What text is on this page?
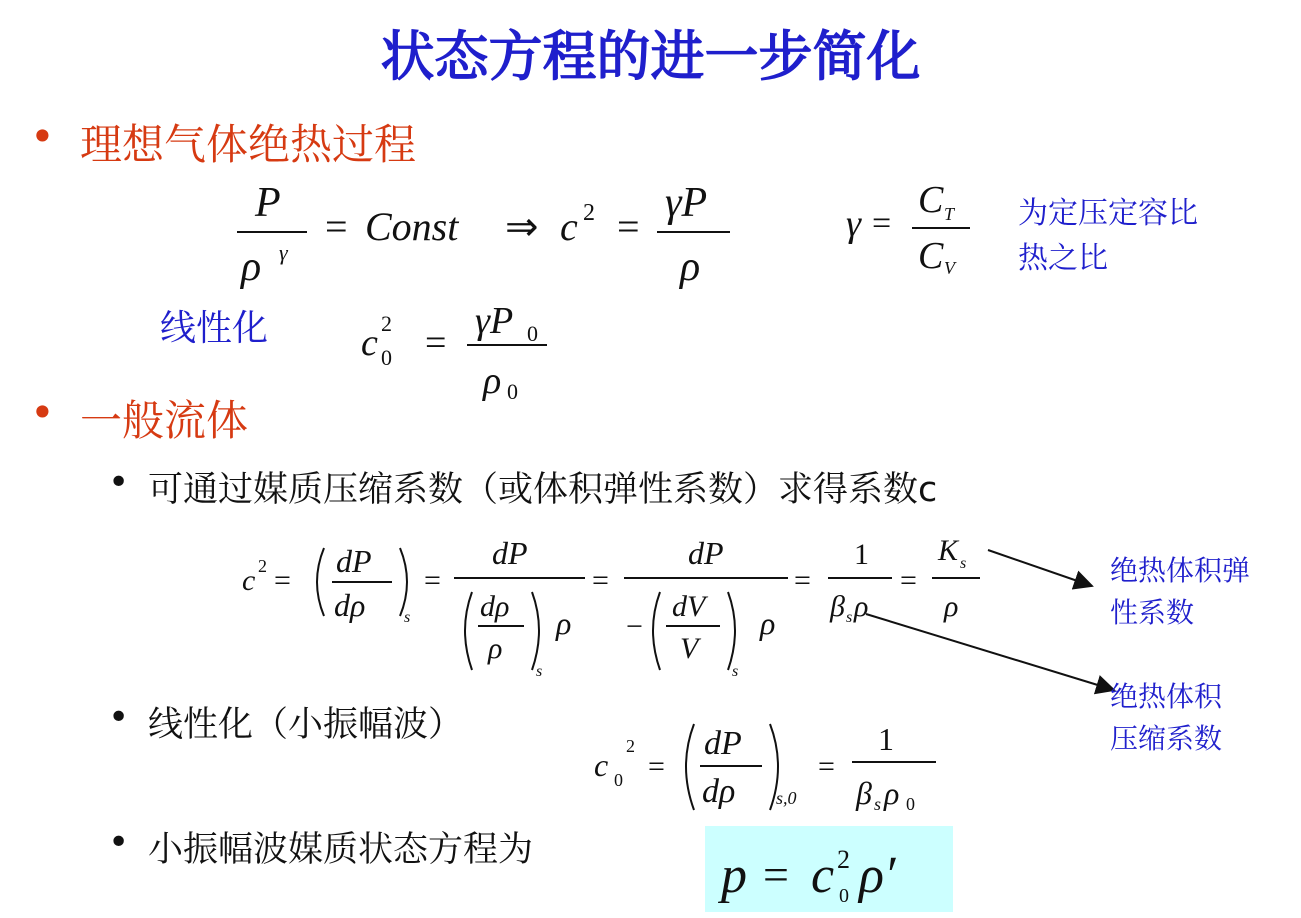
状态方程的进一步简化
• 理想气体绝热过程
P
ρ γ
= Const ⇒ c 2 =
γP
ρ
γ =
C T
C V
为定压定容比
热之比
线性化 c 2
0 =
γP 0
ρ 0
• 一般流体
• 可通过媒质压缩系数（或体积弹性系数）求得系数c
c 2 =
dP
dρ s
=
dP
dρ
ρ
s
ρ
=
dP
−
dV
V
s
ρ
=
1
β s ρ
=
K s
ρ
绝热体积弹
性系数
绝热体积
压缩系数
• 线性化（小振幅波）
c 0
2
=
dP
dρ s,0
=
1
β s ρ 0
• 小振幅波媒质状态方程为	p = c 2
0 ρ′
